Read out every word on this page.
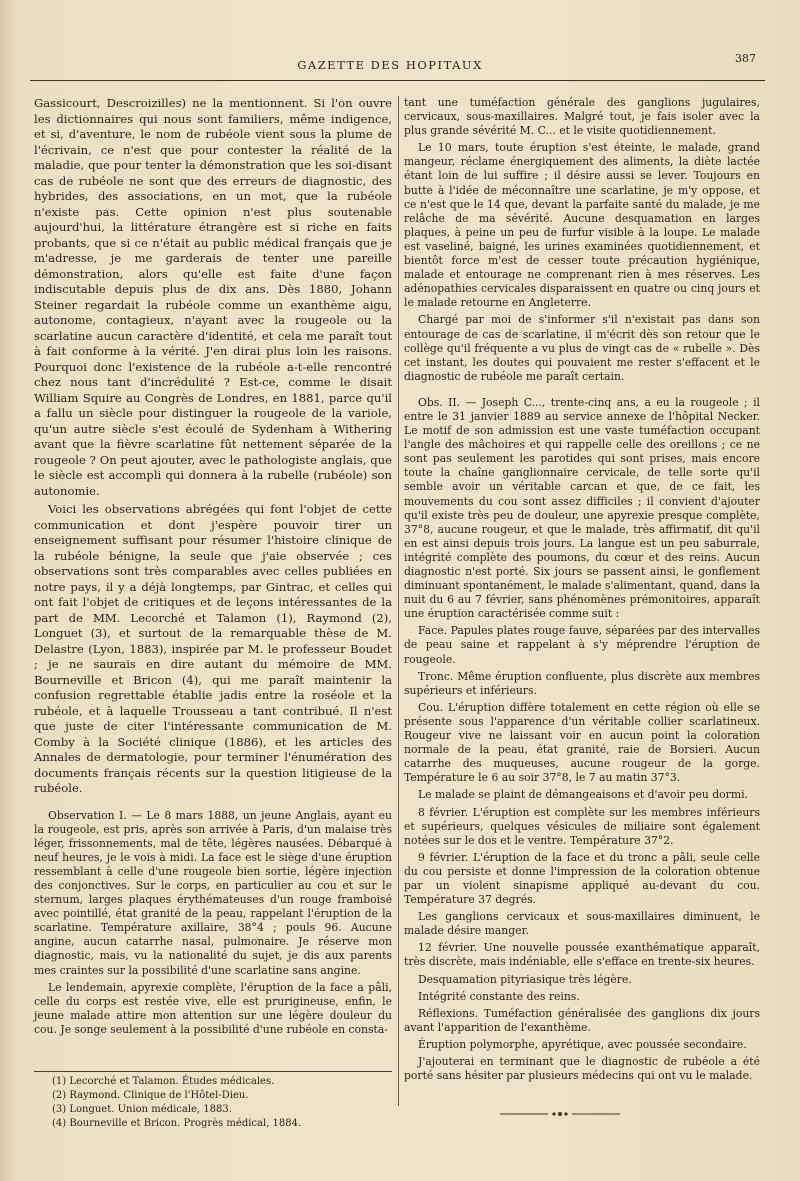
GAZETTE DES HOPITAUX	387

Gassicourt, Descroizilles) ne la mentionnent. Si l'on ouvre les dictionnaires qui nous sont familiers, même indigence, et si, d'aventure, le nom de rubéole vient sous la plume de l'écrivain, ce n'est que pour contester la réalité de la maladie, que pour tenter la démonstration que les soi-disant cas de rubéole ne sont que des erreurs de diagnostic, des hybrides, des associations, en un mot, que la rubéole n'existe pas. Cette opinion n'est plus soutenable aujourd'hui, la littérature étrangère est si riche en faits probants, que si ce n'était au public médical français que je m'adresse, je me garderais de tenter une pareille démonstration, alors qu'elle est faite d'une façon indiscutable depuis plus de dix ans. Dès 1880, Johann Steiner regardait la rubéole comme un exanthème aigu, autonome, contagieux, n'ayant avec la rougeole ou la scarlatine aucun caractère d'identité, et cela me paraît tout à fait conforme à la vérité. J'en dirai plus loin les raisons. Pourquoi donc l'existence de la rubéole a-t-elle rencontré chez nous tant d'incrédulité ? Est-ce, comme le disait William Squire au Congrès de Londres, en 1881, parce qu'il a fallu un siècle pour distinguer la rougeole de la variole, qu'un autre siècle s'est écoulé de Sydenham à Withering avant que la fièvre scarlatine fût nettement séparée de la rougeole ? On peut ajouter, avec le pathologiste anglais, que le siècle est accompli qui donnera à la rubelle (rubéole) son autonomie.

Voici les observations abrégées qui font l'objet de cette communication et dont j'espère pouvoir tirer un enseignement suffisant pour résumer l'histoire clinique de la rubéole bénigne, la seule que j'aie observée ; ces observations sont très comparables avec celles publiées en notre pays, il y a déjà longtemps, par Gintrac, et celles qui ont fait l'objet de critiques et de leçons intéressantes de la part de MM. Lecorché et Talamon (1), Raymond (2), Longuet (3), et surtout de la remarquable thèse de M. Delastre (Lyon, 1883), inspirée par M. le professeur Boudet ; je ne saurais en dire autant du mémoire de MM. Bourneville et Bricon (4), qui me paraît maintenir la confusion regrettable établie jadis entre la roséole et la rubéole, et à laquelle Trousseau a tant contribué. Il n'est que juste de citer l'intéressante communication de M. Comby à la Société clinique (1886), et les articles des Annales de dermatologie, pour terminer l'énumération des documents français récents sur la question litigieuse de la rubéole.

Observation I. — Le 8 mars 1888, un jeune Anglais, ayant eu la rougeole, est pris, après son arrivée à Paris, d'un malaise très léger, frissonnements, mal de tête, légères nausées. Débarqué à neuf heures, je le vois à midi. La face est le siège d'une éruption ressemblant à celle d'une rougeole bien sortie, légère injection des conjonctives. Sur le corps, en particulier au cou et sur le sternum, larges plaques érythémateuses d'un rouge framboisé avec pointillé, état granité de la peau, rappelant l'éruption de la scarlatine. Température axillaire, 38°4 ; pouls 96. Aucune angine, aucun catarrhe nasal, pulmonaire. Je réserve mon diagnostic, mais, vu la nationalité du sujet, je dis aux parents mes craintes sur la possibilité d'une scarlatine sans angine.

Le lendemain, apyrexie complète, l'éruption de la face a pâli, celle du corps est restée vive, elle est prurigineuse, enfin, le jeune malade attire mon attention sur une légère douleur du cou. Je songe seulement à la possibilité d'une rubéole en consta-

tant une tuméfaction générale des ganglions jugulaires, cervicaux, sous-maxillaires. Malgré tout, je fais isoler avec la plus grande sévérité M. C... et le visite quotidiennement.

Le 10 mars, toute éruption s'est éteinte, le malade, grand mangeur, réclame énergiquement des aliments, la diète lactée étant loin de lui suffire ; il désire aussi se lever. Toujours en butte à l'idée de méconnaître une scarlatine, je m'y oppose, et ce n'est que le 14 que, devant la parfaite santé du malade, je me relâche de ma sévérité. Aucune desquamation en larges plaques, à peine un peu de furfur visible à la loupe. Le malade est vaseliné, baigné, les urines examinées quotidiennement, et bientôt force m'est de cesser toute précaution hygiénique, malade et entourage ne comprenant rien à mes réserves. Les adénopathies cervicales disparaissent en quatre ou cinq jours et le malade retourne en Angleterre.

Chargé par moi de s'informer s'il n'existait pas dans son entourage de cas de scarlatine, il m'écrit dès son retour que le collège qu'il fréquente a vu plus de vingt cas de « rubelle ». Dès cet instant, les doutes qui pouvaient me rester s'effacent et le diagnostic de rubéole me paraît certain.

Obs. II. — Joseph C..., trente-cinq ans, a eu la rougeole ; il entre le 31 janvier 1889 au service annexe de l'hôpital Necker. Le motif de son admission est une vaste tuméfaction occupant l'angle des mâchoires et qui rappelle celle des oreillons ; ce ne sont pas seulement les parotides qui sont prises, mais encore toute la chaîne ganglionnaire cervicale, de telle sorte qu'il semble avoir un véritable carcan et que, de ce fait, les mouvements du cou sont assez difficiles ; il convient d'ajouter qu'il existe très peu de douleur, une apyrexie presque complète, 37°8, aucune rougeur, et que le malade, très affirmatif, dit qu'il en est ainsi depuis trois jours. La langue est un peu saburrale, intégrité complète des poumons, du cœur et des reins. Aucun diagnostic n'est porté. Six jours se passent ainsi, le gonflement diminuant spontanément, le malade s'alimentant, quand, dans la nuit du 6 au 7 février, sans phénomènes prémonitoires, apparaît une éruption caractérisée comme suit :

Face. Papules plates rouge fauve, séparées par des intervalles de peau saine et rappelant à s'y méprendre l'éruption de rougeole.

Tronc. Même éruption confluente, plus discrète aux membres supérieurs et inférieurs.

Cou. L'éruption diffère totalement en cette région où elle se présente sous l'apparence d'un véritable collier scarlatineux. Rougeur vive ne laissant voir en aucun point la coloration normale de la peau, état granité, raie de Borsieri. Aucun catarrhe des muqueuses, aucune rougeur de la gorge. Température le 6 au soir 37°8, le 7 au matin 37°3.

Le malade se plaint de démangeaisons et d'avoir peu dormi.

8 février. L'éruption est complète sur les membres inférieurs et supérieurs, quelques vésicules de miliaire sont également notées sur le dos et le ventre. Température 37°2.

9 février. L'éruption de la face et du tronc a pâli, seule celle du cou persiste et donne l'impression de la coloration obtenue par un violent sinapisme appliqué au-devant du cou. Température 37 degrés.

Les ganglions cervicaux et sous-maxillaires diminuent, le malade désire manger.

12 février. Une nouvelle poussée exanthématique apparaît, très discrète, mais indéniable, elle s'efface en trente-six heures.

Desquamation pityriasique très légère.

Intégrité constante des reins.

Réflexions. Tuméfaction généralisée des ganglions dix jours avant l'apparition de l'exanthème.

Éruption polymorphe, apyrétique, avec poussée secondaire.

J'ajouterai en terminant que le diagnostic de rubéole a été porté sans hésiter par plusieurs médecins qui ont vu le malade.

(1) Lecorché et Talamon. Études médicales.
(2) Raymond. Clinique de l'Hôtel-Dieu.
(3) Longuet. Union médicale, 1883.
(4) Bourneville et Bricon. Progrès médical, 1884.
